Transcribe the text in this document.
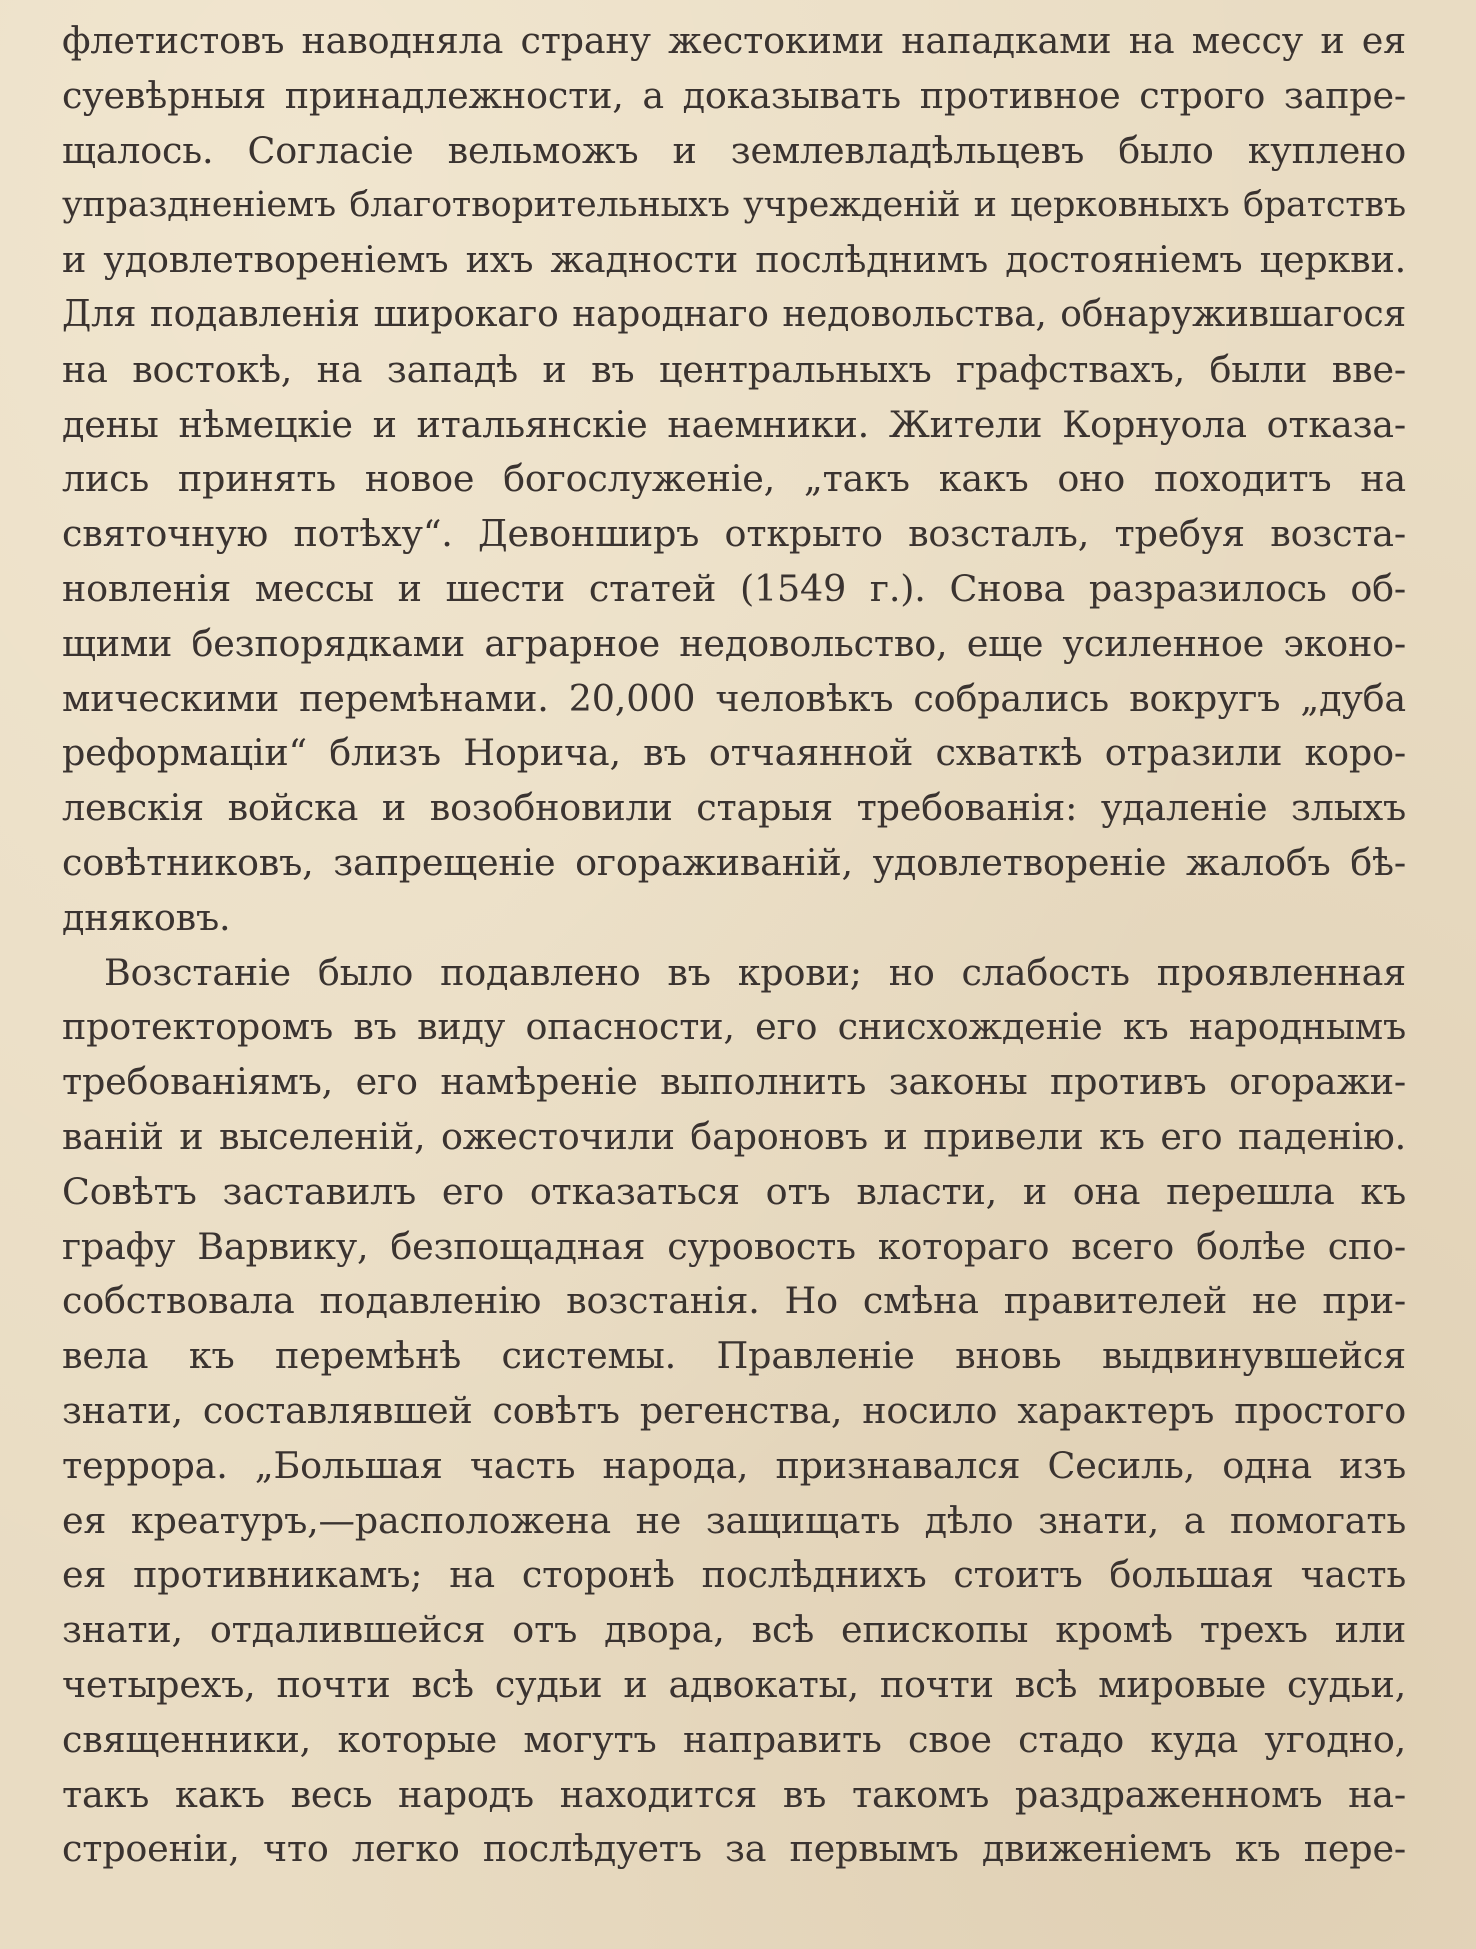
флетистовъ наводняла страну жестокими нападками на мессу и ея
суевѣрныя принадлежности, а доказывать противное строго запре-
щалось. Согласіе вельможъ и землевладѣльцевъ было куплено
упраздненіемъ благотворительныхъ учрежденій и церковныхъ братствъ
и удовлетвореніемъ ихъ жадности послѣднимъ достояніемъ церкви.
Для подавленія широкаго народнаго недовольства, обнаружившагося
на востокѣ, на западѣ и въ центральныхъ графствахъ, были вве-
дены нѣмецкіе и итальянскіе наемники. Жители Корнуола отказа-
лись принять новое богослуженіе, „такъ какъ оно походитъ на
святочную потѣху“. Девонширъ открыто возсталъ, требуя возста-
новленія мессы и шести статей (1549 г.). Снова разразилось об-
щими безпорядками аграрное недовольство, еще усиленное эконо-
мическими перемѣнами. 20,000 человѣкъ собрались вокругъ „дуба
реформаціи“ близъ Норича, въ отчаянной схваткѣ отразили коро-
левскія войска и возобновили старыя требованія: удаленіе злыхъ
совѣтниковъ, запрещеніе огораживаній, удовлетвореніе жалобъ бѣ-
дняковъ.
Возстаніе было подавлено въ крови; но слабость проявленная
протекторомъ въ виду опасности, его снисхожденіе къ народнымъ
требованіямъ, его намѣреніе выполнить законы противъ огоражи-
ваній и выселеній, ожесточили бароновъ и привели къ его паденію.
Совѣтъ заставилъ его отказаться отъ власти, и она перешла къ
графу Варвику, безпощадная суровость котораго всего болѣе спо-
собствовала подавленію возстанія. Но смѣна правителей не при-
вела къ перемѣнѣ системы. Правленіе вновь выдвинувшейся
знати, составлявшей совѣтъ регенства, носило характеръ простого
террора. „Большая часть народа, признавался Сесиль, одна изъ
ея креатуръ,—расположена не защищать дѣло знати, а помогать
ея противникамъ; на сторонѣ послѣднихъ стоитъ большая часть
знати, отдалившейся отъ двора, всѣ епископы кромѣ трехъ или
четырехъ, почти всѣ судьи и адвокаты, почти всѣ мировые судьи,
священники, которые могутъ направить свое стадо куда угодно,
такъ какъ весь народъ находится въ такомъ раздраженномъ на-
строеніи, что легко послѣдуетъ за первымъ движеніемъ къ пере-
